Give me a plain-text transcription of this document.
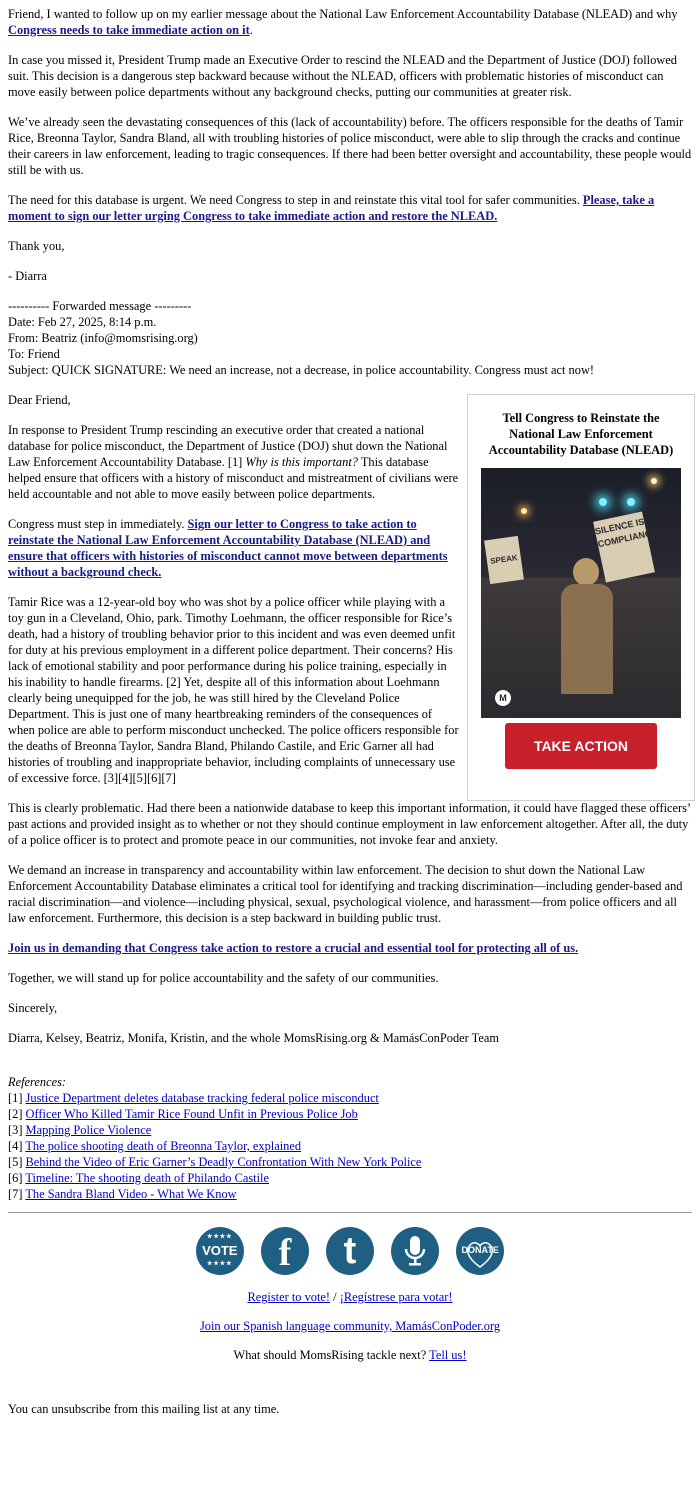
Friend, I wanted to follow up on my earlier message about the National Law Enforcement Accountability Database (NLEAD) and why Congress needs to take immediate action on it.

In case you missed it, President Trump made an Executive Order to rescind the NLEAD and the Department of Justice (DOJ) followed suit. This decision is a dangerous step backward because without the NLEAD, officers with problematic histories of misconduct can move easily between police departments without any background checks, putting our communities at greater risk.

We’ve already seen the devastating consequences of this (lack of accountability) before. The officers responsible for the deaths of Tamir Rice, Breonna Taylor, Sandra Bland, all with troubling histories of police misconduct, were able to slip through the cracks and continue their careers in law enforcement, leading to tragic consequences. If there had been better oversight and accountability, these people would still be with us.

The need for this database is urgent. We need Congress to step in and reinstate this vital tool for safer communities. Please, take a moment to sign our letter urging Congress to take immediate action and restore the NLEAD.

Thank you,

- Diarra

---------- Forwarded message ---------

Date: Feb 27, 2025, 8:14 p.m.

From: Beatriz (info@momsrising.org)

To: Friend

Subject: QUICK SIGNATURE: We need an increase, not a decrease, in police accountability. Congress must act now!

Dear Friend,

In response to President Trump rescinding an executive order that created a national database for police misconduct, the Department of Justice (DOJ) shut down the National Law Enforcement Accountability Database. [1] Why is this important? This database helped ensure that officers with a history of misconduct and mistreatment of civilians were held accountable and not able to move easily between police departments.

Congress must step in immediately. Sign our letter to Congress to take action to reinstate the National Law Enforcement Accountability Database (NLEAD) and ensure that officers with histories of misconduct cannot move between departments without a background check.

Tamir Rice was a 12-year-old boy who was shot by a police officer while playing with a toy gun in a Cleveland, Ohio, park. Timothy Loehmann, the officer responsible for Rice’s death, had a history of troubling behavior prior to this incident and was even deemed unfit for duty at his previous employment in a different police department. Their concerns? His lack of emotional stability and poor performance during his police training, especially in his inability to handle firearms. [2] Yet, despite all of this information about Loehmann clearly being unequipped for the job, he was still hired by the Cleveland Police Department. This is just one of many heartbreaking reminders of the consequences of when police are able to perform misconduct unchecked. The police officers responsible for the deaths of Breonna Taylor, Sandra Bland, Philando Castile, and Eric Garner all had histories of troubling and inappropriate behavior, including complaints of unnecessary use of excessive force. [3][4][5][6][7]

Tell Congress to Reinstate the National Law Enforcement Accountability Database (NLEAD)
SILENCE IS COMPLIANCE
SPEAK
M
TAKE ACTION

This is clearly problematic. Had there been a nationwide database to keep this important information, it could have flagged these officers’ past actions and provided insight as to whether or not they should continue employment in law enforcement altogether. After all, the duty of a police officer is to protect and promote peace in our communities, not invoke fear and anxiety.

We demand an increase in transparency and accountability within law enforcement. The decision to shut down the National Law Enforcement Accountability Database eliminates a critical tool for identifying and tracking discrimination—including gender-based and racial discrimination—and violence—including physical, sexual, psychological violence, and harassment—from police officers and all law enforcement. Furthermore, this decision is a step backward in building public trust.

Join us in demanding that Congress take action to restore a crucial and essential tool for protecting all of us.

Together, we will stand up for police accountability and the safety of our communities.

Sincerely,

Diarra, Kelsey, Beatriz, Monifa, Kristin, and the whole MomsRising.org & MamásConPoder Team

References:
[1] Justice Department deletes database tracking federal police misconduct
[2] Officer Who Killed Tamir Rice Found Unfit in Previous Police Job
[3] Mapping Police Violence
[4] The police shooting death of Breonna Taylor, explained
[5] Behind the Video of Eric Garner’s Deadly Confrontation With New York Police
[6] Timeline: The shooting death of Philando Castile
[7] The Sandra Bland Video - What We Know
★★★★
VOTE
★★★★
	f
	t
	DONATE

Register to vote! / ¡Regístrese para votar!

Join our Spanish language community, MamásConPoder.org

What should MomsRising tackle next? Tell us!

You can unsubscribe from this mailing list at any time.
